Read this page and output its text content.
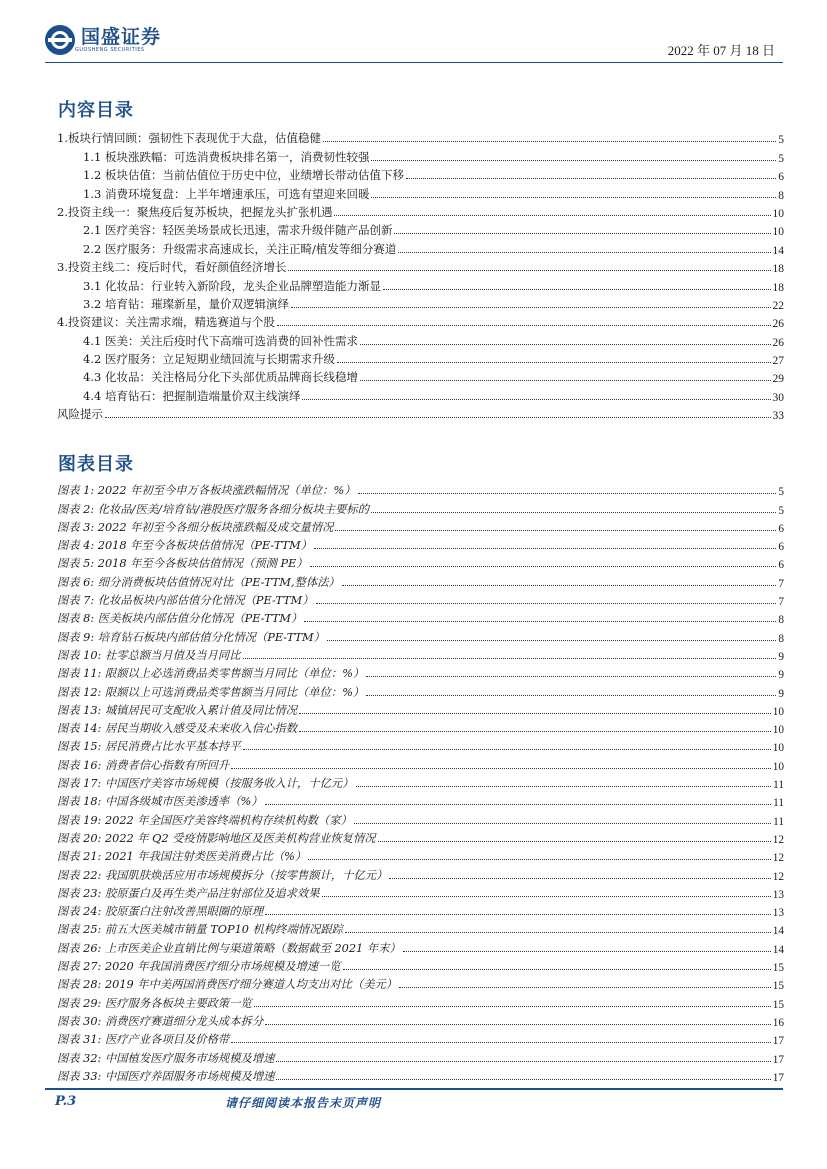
国盛证券
GUOSHENG SECURITIES	2022 年 07 月 18 日
内容目录
1.板块行情回顾：强韧性下表现优于大盘，估值稳健	5
1.1 板块涨跌幅：可选消费板块排名第一，消费韧性较强	5
1.2 板块估值：当前估值位于历史中位，业绩增长带动估值下移	6
1.3 消费环境复盘：上半年增速承压，可选有望迎来回暖	8
2.投资主线一：聚焦疫后复苏板块，把握龙头扩张机遇	10
2.1 医疗美容：轻医美场景成长迅速，需求升级伴随产品创新	10
2.2 医疗服务：升级需求高速成长，关注正畸/植发等细分赛道	14
3.投资主线二：疫后时代，看好颜值经济增长	18
3.1 化妆品：行业转入新阶段，龙头企业品牌塑造能力渐显	18
3.2 培育钻：璀璨新星，量价双逻辑演绎	22
4.投资建议：关注需求端，精选赛道与个股	26
4.1 医美：关注后疫时代下高端可选消费的回补性需求	26
4.2 医疗服务：立足短期业绩回流与长期需求升级	27
4.3 化妆品：关注格局分化下头部优质品牌商长线稳增	29
4.4 培育钻石：把握制造端量价双主线演绎	30
风险提示	33
图表目录
图表 1: 2022 年初至今申万各板块涨跌幅情况（单位：%）	5
图表 2: 化妆品/医美/培育钻/港股医疗服务各细分板块主要标的	5
图表 3: 2022 年初至今各细分板块涨跌幅及成交量情况	6
图表 4: 2018 年至今各板块估值情况（PE-TTM）	6
图表 5: 2018 年至今各板块估值情况（预测 PE）	6
图表 6: 细分消费板块估值情况对比（PE-TTM,整体法）	7
图表 7: 化妆品板块内部估值分化情况（PE-TTM）	7
图表 8: 医美板块内部估值分化情况（PE-TTM）	8
图表 9: 培育钻石板块内部估值分化情况（PE-TTM）	8
图表 10: 社零总额当月值及当月同比	9
图表 11: 限额以上必选消费品类零售额当月同比（单位：%）	9
图表 12: 限额以上可选消费品类零售额当月同比（单位：%）	9
图表 13: 城镇居民可支配收入累计值及同比情况	10
图表 14: 居民当期收入感受及未来收入信心指数	10
图表 15: 居民消费占比水平基本持平	10
图表 16: 消费者信心指数有所回升	10
图表 17: 中国医疗美容市场规模（按服务收入计，十亿元）	11
图表 18: 中国各级城市医美渗透率（%）	11
图表 19: 2022 年全国医疗美容终端机构存续机构数（家）	11
图表 20: 2022 年 Q2 受疫情影响地区及医美机构营业恢复情况	12
图表 21: 2021 年我国注射类医美消费占比（%）	12
图表 22: 我国肌肤焕活应用市场规模拆分（按零售额计，十亿元）	12
图表 23: 胶原蛋白及再生类产品注射部位及追求效果	13
图表 24: 胶原蛋白注射改善黑眼圈的原理	13
图表 25: 前五大医美城市销量 TOP10 机构终端情况跟踪	14
图表 26: 上市医美企业直销比例与渠道策略（数据截至 2021 年末）	14
图表 27: 2020 年我国消费医疗细分市场规模及增速一览	15
图表 28: 2019 年中美两国消费医疗细分赛道人均支出对比（美元）	15
图表 29: 医疗服务各板块主要政策一览	15
图表 30: 消费医疗赛道细分龙头成本拆分	16
图表 31: 医疗产业各项目及价格带	17
图表 32: 中国植发医疗服务市场规模及增速	17
图表 33: 中国医疗养固服务市场规模及增速	17
P.3	请仔细阅读本报告末页声明
